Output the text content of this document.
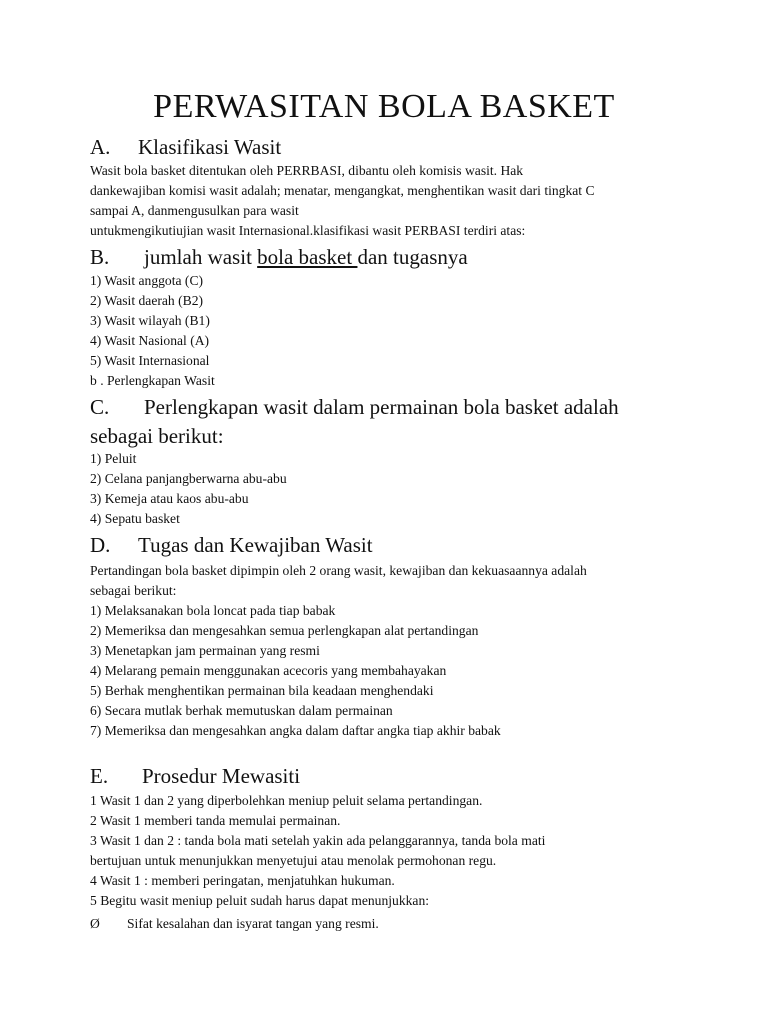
PERWASITAN BOLA BASKET
A. Klasifikasi Wasit
Wasit bola basket ditentukan oleh PERRBASI, dibantu oleh komisis wasit. Hak
dankewajiban komisi wasit adalah; menatar, mengangkat, menghentikan wasit dari tingkat C
sampai A, danmengusulkan para wasit
untukmengikutiujian wasit Internasional.klasifikasi wasit PERBASI terdiri atas:
B. jumlah wasit bola basket dan tugasnya
1) Wasit anggota (C)
2) Wasit daerah (B2)
3) Wasit wilayah (B1)
4) Wasit Nasional (A)
5) Wasit Internasional
b . Perlengkapan Wasit
C. Perlengkapan wasit dalam permainan bola basket adalah
sebagai berikut:
1) Peluit
2) Celana panjangberwarna abu-abu
3) Kemeja atau kaos abu-abu
4) Sepatu basket
D. Tugas dan Kewajiban Wasit
Pertandingan bola basket dipimpin oleh 2 orang wasit, kewajiban dan kekuasaannya adalah
sebagai berikut:
1) Melaksanakan bola loncat pada tiap babak
2) Memeriksa dan mengesahkan semua perlengkapan alat pertandingan
3) Menetapkan jam permainan yang resmi
4) Melarang pemain menggunakan acecoris yang membahayakan
5) Berhak menghentikan permainan bila keadaan menghendaki
6) Secara mutlak berhak memutuskan dalam permainan
7) Memeriksa dan mengesahkan angka dalam daftar angka tiap akhir babak
E. Prosedur Mewasiti
1 Wasit 1 dan 2 yang diperbolehkan meniup peluit selama pertandingan.
2 Wasit 1 memberi tanda memulai permainan.
3 Wasit 1 dan 2 : tanda bola mati setelah yakin ada pelanggarannya, tanda bola mati
bertujuan untuk menunjukkan menyetujui atau menolak permohonan regu.
4 Wasit 1 : memberi peringatan, menjatuhkan hukuman.
5 Begitu wasit meniup peluit sudah harus dapat menunjukkan:
Ø Sifat kesalahan dan isyarat tangan yang resmi.
